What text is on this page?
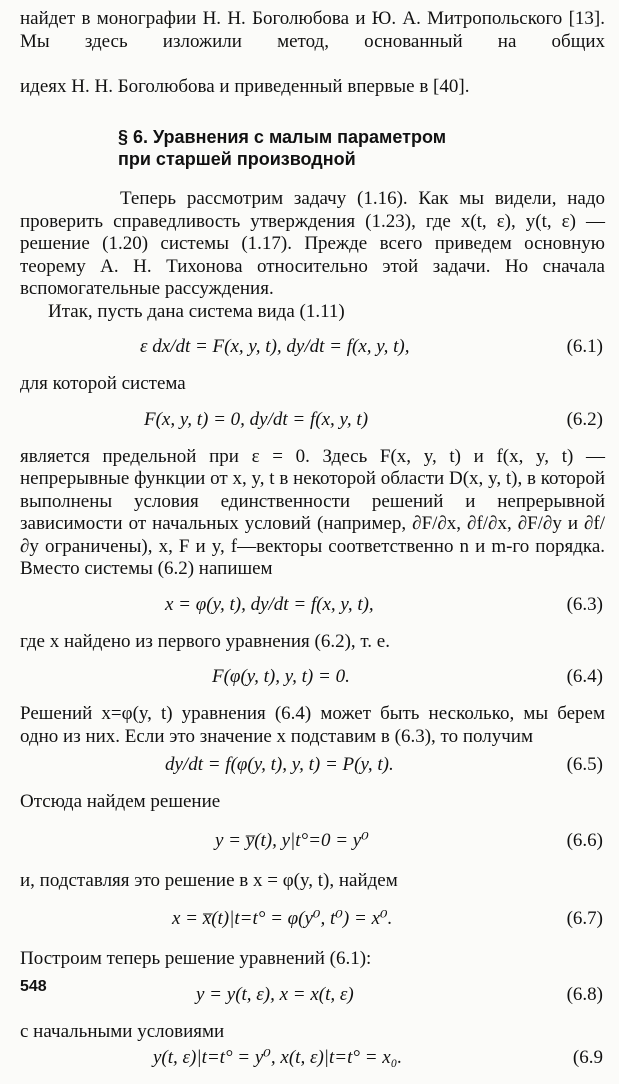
найдет в монографии Н. Н. Боголюбова и Ю. А. Митропольского [13]. Мы здесь изложили метод, основанный на общих

идеях Н. Н. Боголюбова и приведенный впервые в [40].

§ 6. Уравнения с малым параметром
при старшей производной

Теперь рассмотрим задачу (1.16). Как мы видели, надо проверить справедливость утверждения (1.23), где x(t, ε), y(t, ε) — решение (1.20) системы (1.17). Прежде всего приведем основную теорему А. Н. Тихонова относительно этой задачи. Но сначала вспомогательные рассуждения.

Итак, пусть дана система вида (1.11)

ε dx/dt = F(x, y, t), dy/dt = f(x, y, t),	(6.1)

для которой система

F(x, y, t) = 0, dy/dt = f(x, y, t)	(6.2)

является предельной при ε = 0. Здесь F(x, y, t) и f(x, y, t) — непрерывные функции от x, y, t в некоторой области D(x, y, t), в которой выполнены условия единственности решений и непрерывной зависимости от начальных условий (например, ∂F/∂x, ∂f/∂x, ∂F/∂y и ∂f/∂y ограничены), x, F и y, f—векторы соответственно n и m-го порядка. Вместо системы (6.2) напишем

x = φ(y, t), dy/dt = f(x, y, t),	(6.3)

где x найдено из первого уравнения (6.2), т. е.

F(φ(y, t), y, t) = 0.	(6.4)

Решений x=φ(y, t) уравнения (6.4) может быть несколько, мы берем одно из них. Если это значение x подставим в (6.3), то получим

dy/dt = f(φ(y, t), y, t) = P(y, t).	(6.5)

Отсюда найдем решение

y = y̅(t), y|t°=0 = y⁰	(6.6)

и, подставляя это решение в x = φ(y, t), найдем

x = x̅(t)|t=t° = φ(y⁰, t⁰) = x⁰.	(6.7)

Построим теперь решение уравнений (6.1):

y = y(t, ε), x = x(t, ε)	(6.8)

с начальными условиями

y(t, ε)|t=t° = y⁰, x(t, ε)|t=t° = x₀.	(6.9
548
